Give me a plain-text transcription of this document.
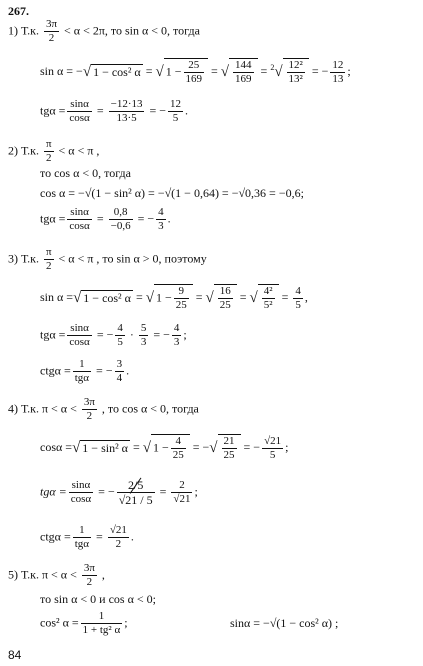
267.
1) Т.к. $\frac{3\pi}{2} < \alpha < 2\pi$, то sin α < 0, тогда
sin α = −√ 1 − cos² α = √ $1 - \frac{25}{169}$ = √ $\frac{144}{169} = ^2√ \frac{\text{12²}}{\text{13²}}$ = − $\frac{12}{13}$ ;
$tg\alpha = \frac{\sin\alpha}{\cos\alpha} = \frac{-12\cdot 13}{13\cdot 5}$ = − $\frac{12}{5}$ .
2) Т.к. $\frac{\pi}{2} < \alpha < \pi$ ,
то cos α < 0, тогда
cos α = −√(1 − sin² α) = −√(1 − 0,64) = −√0,36 = −0,6;
$tg\alpha = \frac{\sin\alpha}{\cos\alpha} = \frac{0,8}{-0,6}$ = − $\frac{4}{3}$ .
3) Т.к. $\frac{\pi}{2} < \alpha < \pi$ , то sin α > 0, поэтому
sin α =√ 1 − cos² α = √ $1 - \frac{9}{25}$ = √ $\frac{16}{25}$ = √ $\frac{\text{4²}}{\text{5²}} = \frac{4}{5}$ ,
$tg\alpha = \frac{\sin\alpha}{\cos\alpha}$ = − $\frac{4}{5} \cdot \frac{5}{3}$ = − $\frac{4}{3}$ ;
$ctg\alpha = \frac{1}{\text{tgα}}$ = − $\frac{3}{4}$ .
4) Т.к. $\pi < \alpha < \frac{3\pi}{2}$ , то cos α < 0, тогда
cosα =√ 1 − sin² α = √ $1 - \frac{4}{25}$ = −√ $\frac{21}{25}$ = − $\frac{√21}{5}$ ;
$tg\alpha = \frac{\sin\alpha}{\cos\alpha}$ = − $\frac{2/5}{√21 / 5} = \frac{2}{√21}$ ;
$ctg\alpha = \frac{1}{\text{tgα}} = \frac{√21}{2}$ .
5) Т.к. $\pi < \alpha < \frac{3\pi}{2}$ ,
то sin α < 0 и cos α < 0;
cos² $\alpha = \frac{1}{\text{1 + tg² α}}$ ;	sinα = −√(1 − cos² α) ;
84
